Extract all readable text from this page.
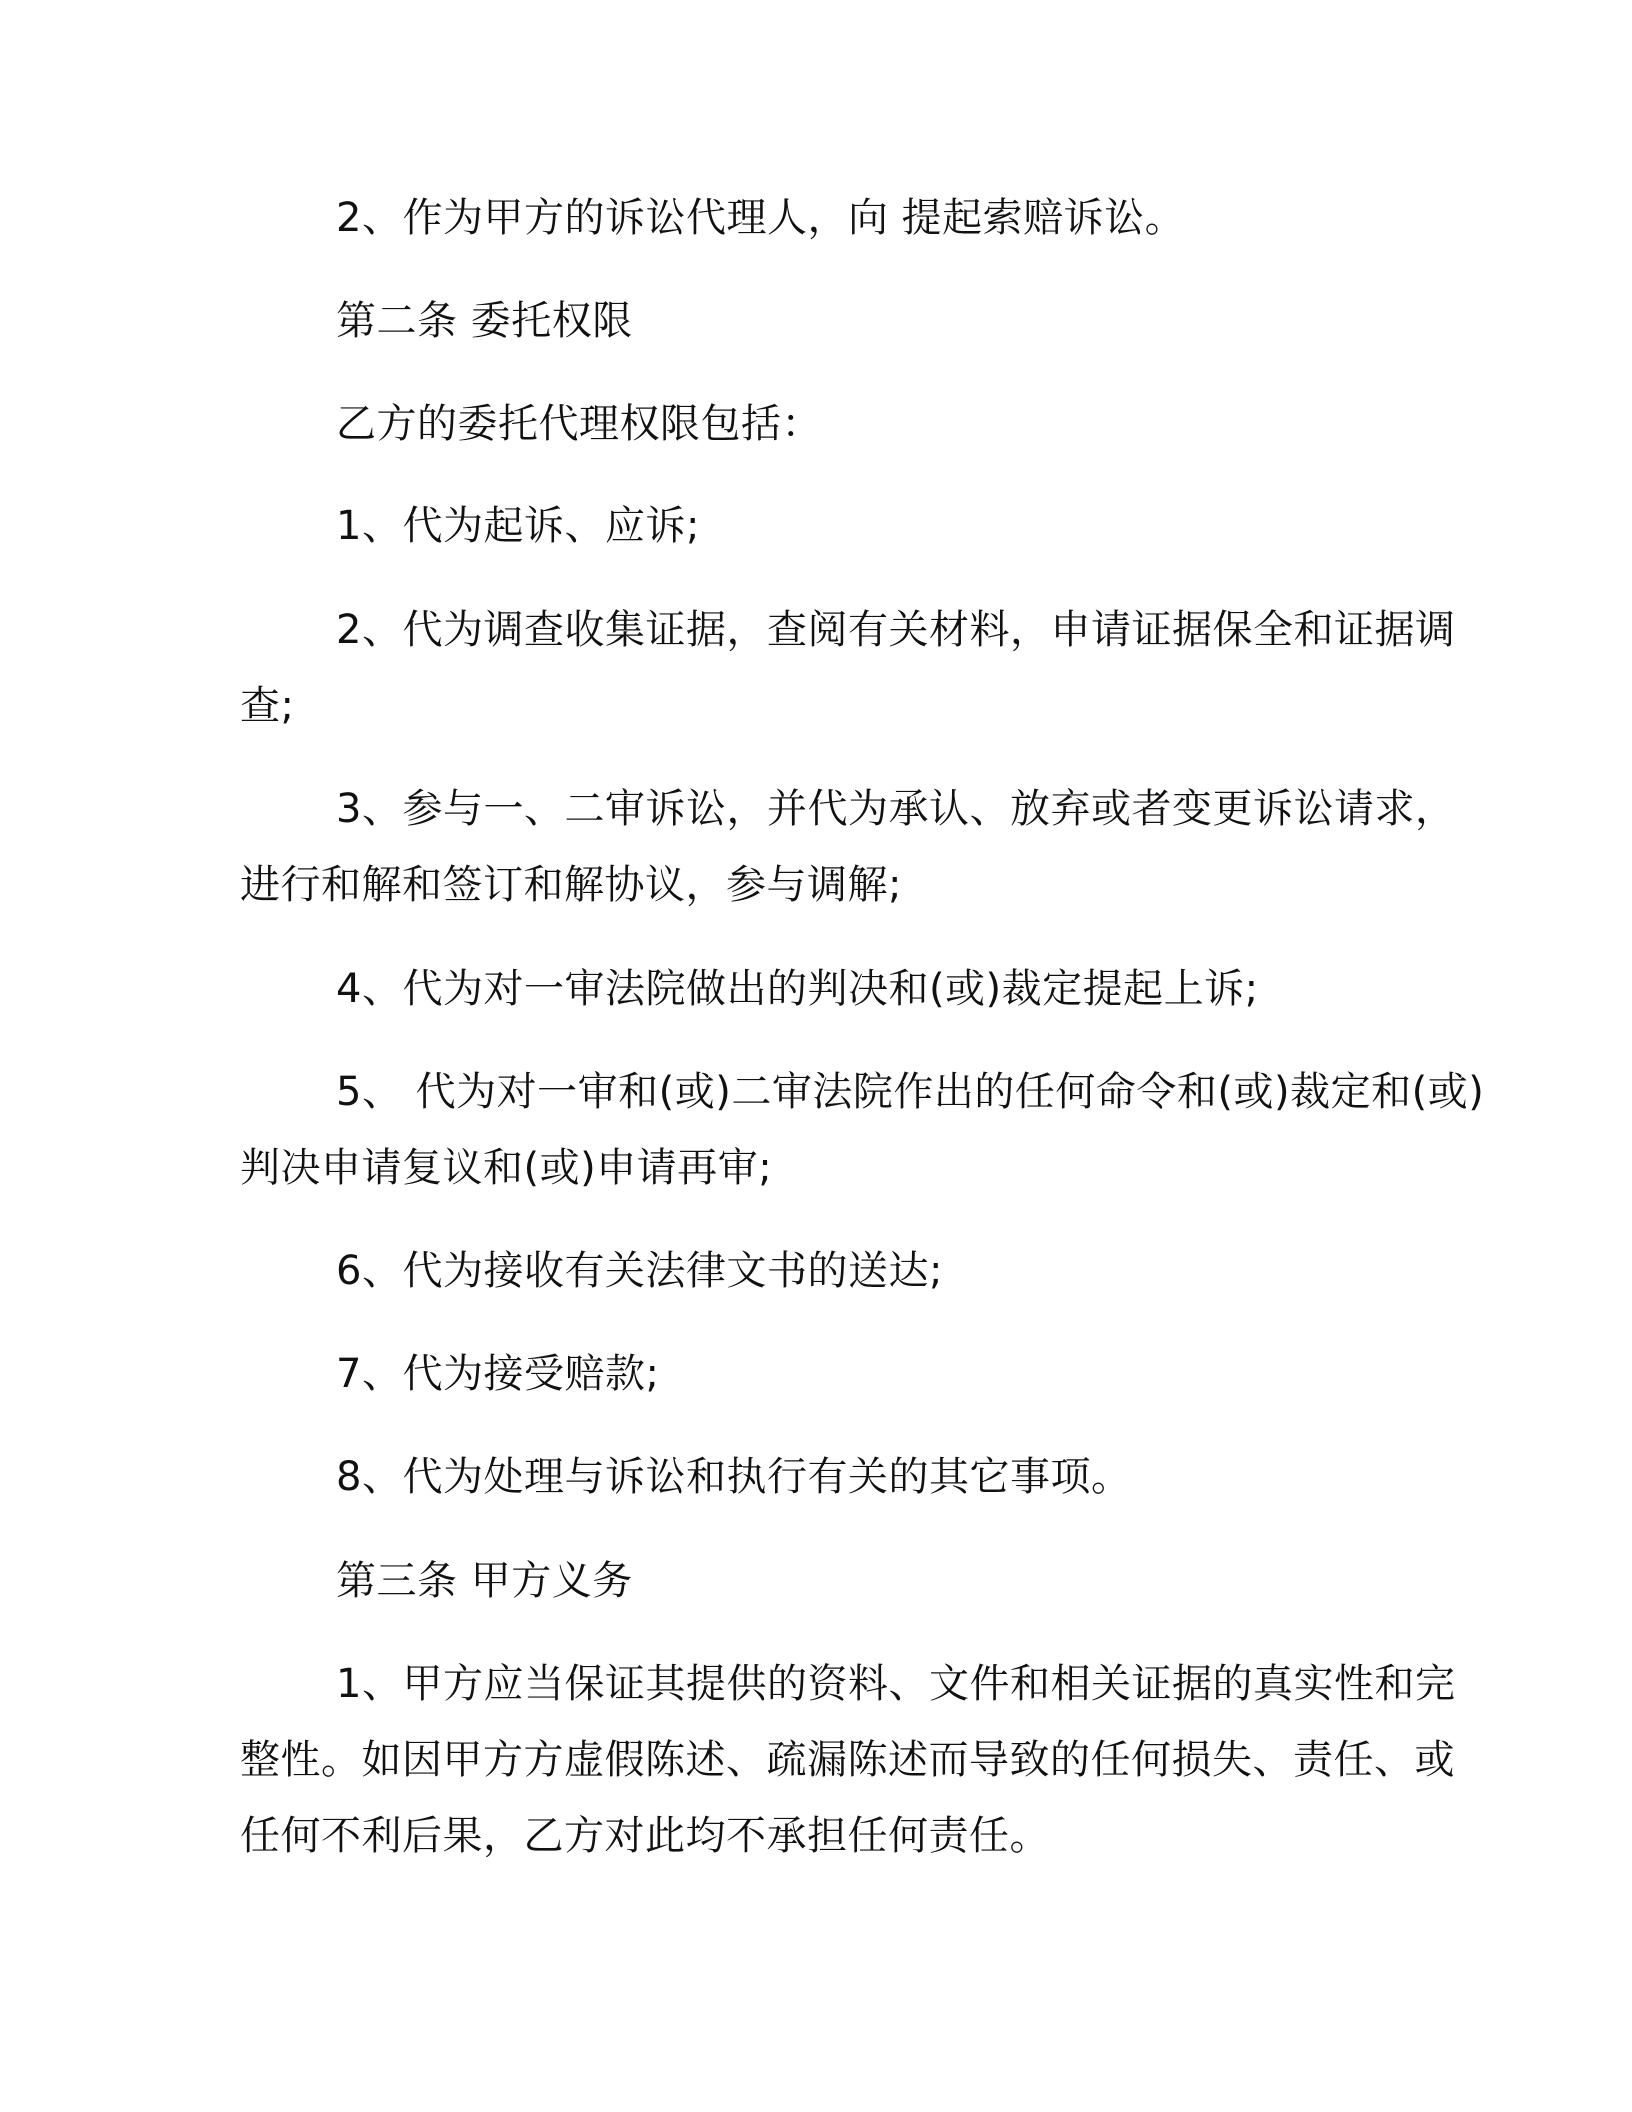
2、作为甲方的诉讼代理人，向 提起索赔诉讼。
第二条 委托权限
乙方的委托代理权限包括：
1、代为起诉、应诉;
2、代为调查收集证据，查阅有关材料，申请证据保全和证据调
查;
3、参与一、二审诉讼，并代为承认、放弃或者变更诉讼请求，
进行和解和签订和解协议，参与调解;
4、代为对一审法院做出的判决和(或)裁定提起上诉;
5、 代为对一审和(或)二审法院作出的任何命令和(或)裁定和(或)
判决申请复议和(或)申请再审;
6、代为接收有关法律文书的送达;
7、代为接受赔款;
8、代为处理与诉讼和执行有关的其它事项。
第三条 甲方义务
1、甲方应当保证其提供的资料、文件和相关证据的真实性和完
整性。如因甲方方虚假陈述、疏漏陈述而导致的任何损失、责任、或
任何不利后果，乙方对此均不承担任何责任。
